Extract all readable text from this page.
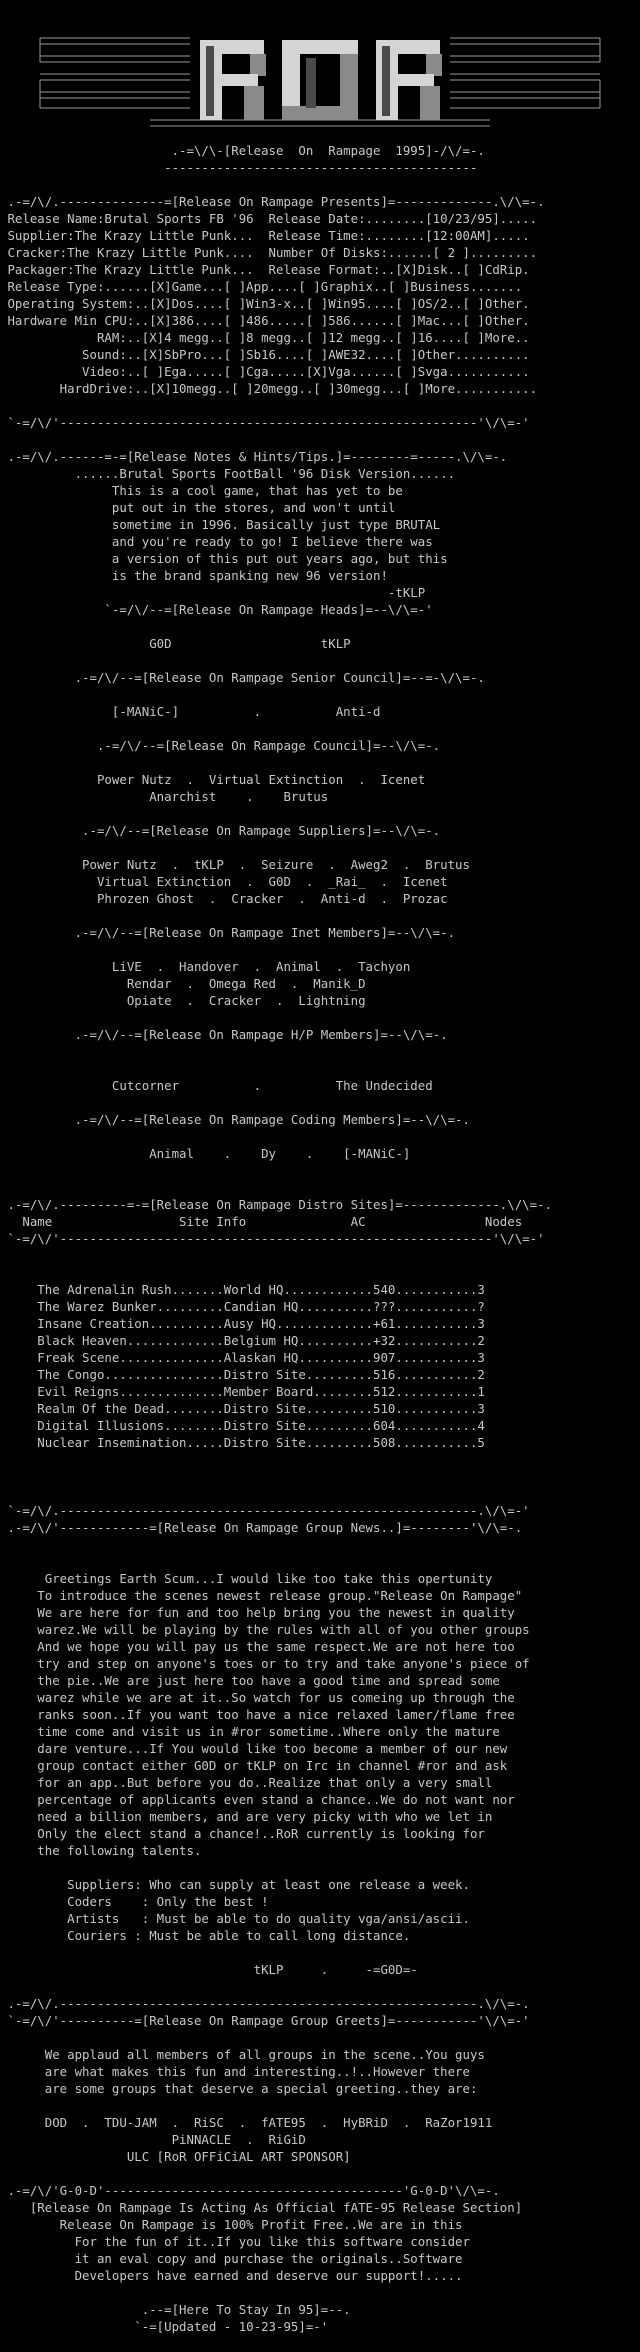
.-=\/\-[Release  On  Rampage  1995]-/\/=-.
------------------------------------------
.-=/\/.--------------=[Release On Rampage Presents]=-------------.\/\=-.
Release Name:Brutal Sports FB '96  Release Date:........[10/23/95].....
Supplier:The Krazy Little Punk...  Release Time:........[12:00AM].....
Cracker:The Krazy Little Punk....  Number Of Disks:......[ 2 ].........
Packager:The Krazy Little Punk...  Release Format:..[X]Disk..[ ]CdRip.
Release Type:......[X]Game...[ ]App....[ ]Graphix..[ ]Business.......
Operating System:..[X]Dos....[ ]Win3-x..[ ]Win95....[ ]OS/2..[ ]Other.
Hardware Min CPU:..[X]386....[ ]486.....[ ]586......[ ]Mac...[ ]Other.
RAM:..[X]4 megg..[ ]8 megg..[ ]12 megg..[ ]16....[ ]More..
Sound:..[X]SbPro...[ ]Sb16....[ ]AWE32....[ ]Other..........
Video:..[ ]Ega.....[ ]Cga.....[X]Vga......[ ]Svga...........
HardDrive:..[X]10megg..[ ]20megg..[ ]30megg...[ ]More...........
`-=/\/'--------------------------------------------------------'\/\=-'
.-=/\/.------=-=[Release Notes & Hints/Tips.]=--------=-----.\/\=-.
......Brutal Sports FootBall '96 Disk Version......
This is a cool game, that has yet to be
put out in the stores, and won't until
sometime in 1996. Basically just type BRUTAL
and you're ready to go! I believe there was
a version of this put out years ago, but this
is the brand spanking new 96 version!
-tKLP
`-=/\/--=[Release On Rampage Heads]=--\/\=-'
G0D                    tKLP
.-=/\/--=[Release On Rampage Senior Council]=--=-\/\=-.
[-MANiC-]          .          Anti-d
.-=/\/--=[Release On Rampage Council]=--\/\=-.
Power Nutz  .  Virtual Extinction  .  Icenet
Anarchist    .    Brutus
.-=/\/--=[Release On Rampage Suppliers]=--\/\=-.
Power Nutz  .  tKLP  .  Seizure  .  Aweg2  .  Brutus
Virtual Extinction  .  G0D  .  _Rai_  .  Icenet
Phrozen Ghost  .  Cracker  .  Anti-d  .  Prozac
.-=/\/--=[Release On Rampage Inet Members]=--\/\=-.
LiVE  .  Handover  .  Animal  .  Tachyon
Rendar  .  Omega Red  .  Manik_D
Opiate  .  Cracker  .  Lightning
.-=/\/--=[Release On Rampage H/P Members]=--\/\=-.
Cutcorner          .          The Undecided
.-=/\/--=[Release On Rampage Coding Members]=--\/\=-.
Animal    .    Dy    .    [-MANiC-]
.-=/\/.---------=-=[Release On Rampage Distro Sites]=-------------.\/\=-.
Name                 Site Info              AC                Nodes
`-=/\/'----------------------------------------------------------'\/\=-'
The Adrenalin Rush.......World HQ............540...........3
The Warez Bunker.........Candian HQ..........???...........?
Insane Creation..........Ausy HQ.............+61...........3
Black Heaven.............Belgium HQ..........+32...........2
Freak Scene..............Alaskan HQ..........907...........3
The Congo................Distro Site.........516...........2
Evil Reigns..............Member Board........512...........1
Realm Of the Dead........Distro Site.........510...........3
Digital Illusions........Distro Site.........604...........4
Nuclear Insemination.....Distro Site.........508...........5
`-=/\/.--------------------------------------------------------.\/\=-'
.-=/\/'------------=[Release On Rampage Group News..]=--------'\/\=-.
Greetings Earth Scum...I would like too take this opertunity
To introduce the scenes newest release group."Release On Rampage"
We are here for fun and too help bring you the newest in quality
warez.We will be playing by the rules with all of you other groups
And we hope you will pay us the same respect.We are not here too
try and step on anyone's toes or to try and take anyone's piece of
the pie..We are just here too have a good time and spread some
warez while we are at it..So watch for us comeing up through the
ranks soon..If you want too have a nice relaxed lamer/flame free
time come and visit us in #ror sometime..Where only the mature
dare venture...If You would like too become a member of our new
group contact either G0D or tKLP on Irc in channel #ror and ask
for an app..But before you do..Realize that only a very small
percentage of applicants even stand a chance..We do not want nor
need a billion members, and are very picky with who we let in
Only the elect stand a chance!..RoR currently is looking for
the following talents.
Suppliers: Who can supply at least one release a week.
Coders    : Only the best !
Artists   : Must be able to do quality vga/ansi/ascii.
Couriers : Must be able to call long distance.
tKLP     .     -=G0D=-
.-=/\/.--------------------------------------------------------.\/\=-.
`-=/\/'----------=[Release On Rampage Group Greets]=-----------'\/\=-'
We applaud all members of all groups in the scene..You guys
are what makes this fun and interesting..!..However there
are some groups that deserve a special greeting..they are:
DOD  .  TDU-JAM  .  RiSC  .  fATE95  .  HyBRiD  .  RaZor1911
PiNNACLE  .  RiGiD
ULC [RoR OFFiCiAL ART SPONSOR]
.-=/\/'G-0-D'----------------------------------------'G-0-D'\/\=-.
[Release On Rampage Is Acting As Official fATE-95 Release Section]
Release On Rampage is 100% Profit Free..We are in this
For the fun of it..If you like this software consider
it an eval copy and purchase the originals..Software
Developers have earned and deserve our support!.....
.--=[Here To Stay In 95]=--.
`-=[Updated - 10-23-95]=-'
